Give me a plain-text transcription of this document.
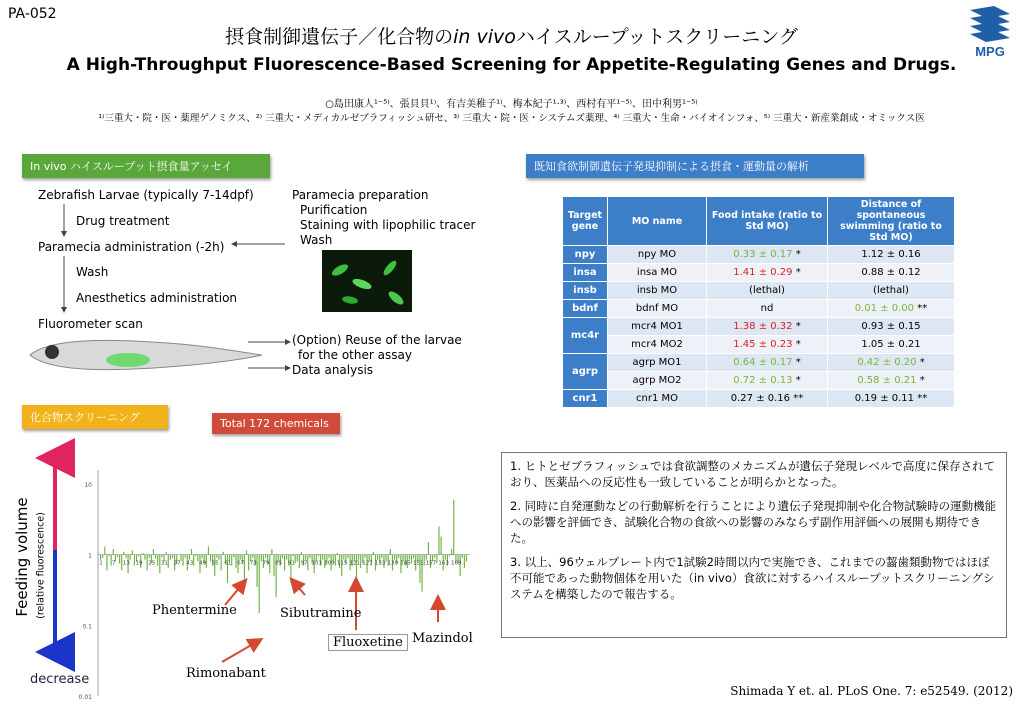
PA-052
摂食制御遺伝子／化合物のin vivoハイスループットスクリーニング
A High-Throughput Fluorescence-Based Screening for Appetite-Regulating Genes and Drugs.
○島田康人¹⁻⁵⁾、張貝貝¹⁾、有吉美稚子¹⁾、梅本紀子¹·³⁾、西村有平¹⁻⁵⁾、田中利男¹⁻⁵⁾
¹⁾三重大・院・医・薬理ゲノミクス、²⁾ 三重大・メディカルゼブラフィッシュ研セ、³⁾ 三重大・院・医・システムズ薬理、⁴⁾ 三重大・生命・バイオインフォ、⁵⁾ 三重大・新産業創成・オミックス医
MPG
In vivo ハイスループット摂食量アッセイ	既知食欲制御遺伝子発現抑制による摂食・運動量の解析
化合物スクリーニング	Total 172 chemicals
Zebrafish Larvae (typically 7-14dpf)
Drug treatment
Paramecia administration (-2h)
Wash
Anesthetics administration
Fluorometer scan
Paramecia preparation
Purification
Staining with lipophilic tracer
Wash
(Option) Reuse of the larvae
for the other assay
Data analysis
Target gene	MO name	Food intake (ratio to Std MO)	Distance of spontaneous swimming (ratio to Std MO)
npy	npy MO	0.33 ± 0.17 *	1.12 ± 0.16
insa	insa MO	1.41 ± 0.29 *	0.88 ± 0.12
insb	insb MO	(lethal)	(lethal)
bdnf	bdnf MO	nd	0.01 ± 0.00 **
mc4r	mcr4 MO1	1.38 ± 0.32 *	0.93 ± 0.15
	mcr4 MO2	1.45 ± 0.23 *	1.05 ± 0.21
agrp	agrp MO1	0.64 ± 0.17 *	0.42 ± 0.20 *
	agrp MO2	0.72 ± 0.13 *	0.58 ± 0.21 *
cnr1	cnr1 MO	0.27 ± 0.16 **	0.19 ± 0.11 **

1. ヒトとゼブラフィッシュでは食欲調整のメカニズムが遺伝子発現レベルで高度に保存されており、医薬品への反応性も一致していることが明らかとなった。

2. 同時に自発運動などの行動解析を行うことにより遺伝子発現抑制や化合物試験時の運動機能への影響を評価でき、試験化合物の食欲への影響のみならず副作用評価への展開も期待できた。

3. 以上、96ウェルプレート内で1試験2時間以内で実施でき、これまでの齧歯類動物ではほぼ不可能であった動物個体を用いた（in vivo）食欲に対するハイスループットスクリーニングシステムを構築したので報告する。

Feeding volume (relative fluorescence)
decrease
10
1
0.1
0.01
1 7 13 19 25 31 37 43 49 55 61 67 73 79 85 91 97 103 109 115 121 127 133 139 145 151 157 163 169
Phentermine	Sibutramine
Rimonabant
Fluoxetine Mazindol
Shimada Y et. al. PLoS One. 7: e52549. (2012)
